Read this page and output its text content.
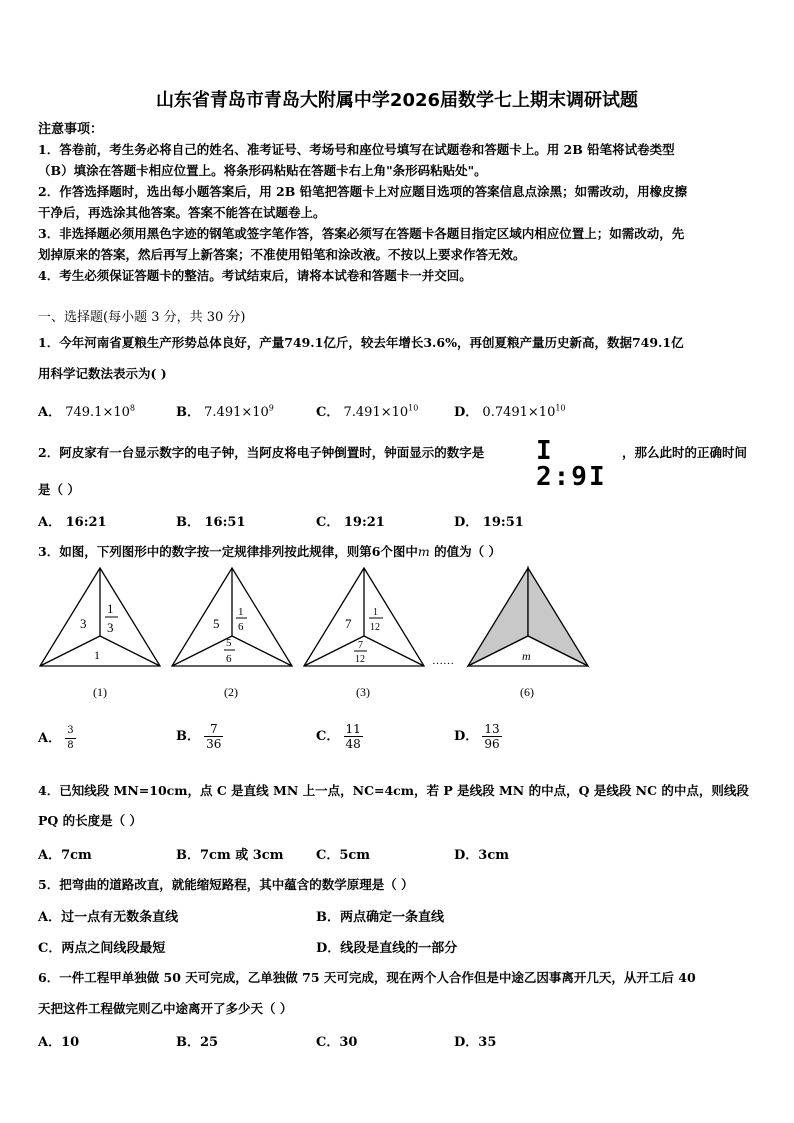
山东省青岛市青岛大附属中学2026届数学七上期末调研试题
注意事项：
1．答卷前，考生务必将自己的姓名、准考证号、考场号和座位号填写在试题卷和答题卡上。用 2B 铅笔将试卷类型
（B）填涂在答题卡相应位置上。将条形码粘贴在答题卡右上角"条形码粘贴处"。
2．作答选择题时，选出每小题答案后，用 2B 铅笔把答题卡上对应题目选项的答案信息点涂黑；如需改动，用橡皮擦
干净后，再选涂其他答案。答案不能答在试题卷上。
3．非选择题必须用黑色字迹的钢笔或签字笔作答，答案必须写在答题卡各题目指定区域内相应位置上；如需改动，先
划掉原来的答案，然后再写上新答案；不准使用铅笔和涂改液。不按以上要求作答无效。
4．考生必须保证答题卡的整洁。考试结束后，请将本试卷和答题卡一并交回。
一、选择题(每小题 3 分，共 30 分)
1．今年河南省夏粮生产形势总体良好，产量749.1亿斤，较去年增长3.6%，再创夏粮产量历史新高，数据749.1亿
用科学记数法表示为( )
A． $749.1\times 10^8$	B． $7.491\times 10^9$	C． $7.491\times 10^{10}$	D． $0.7491\times 10^{10}$
2．阿皮家有一台显示数字的电子钟，当阿皮将电子钟倒置时，钟面显示的数字是 I 2:9I
，那么此时的正确时间
是（ ）
A． 16:21	B． 16:51	C． 19:21	D． 19:51
3．如图，下列图形中的数字按一定规律排列按此规律，则第6个图中m 的值为（ ）
3
1
3
1
5
1
6
5
6
7
1
12
7
12	……	m
(1)	(2)	(3)	(6)
A． $\frac{3}{8}$	B． $\frac{7}{36}$	C． $\frac{11}{48}$	D． $\frac{13}{96}$
4．已知线段 MN=10cm，点 C 是直线 MN 上一点，NC=4cm，若 P 是线段 MN 的中点，Q 是线段 NC 的中点，则线段
PQ 的长度是（ ）
A．7cm	B．7cm 或 3cm	C．5cm	D．3cm
5．把弯曲的道路改直，就能缩短路程，其中蕴含的数学原理是（ ）
A．过一点有无数条直线	B．两点确定一条直线
C．两点之间线段最短	D．线段是直线的一部分
6．一件工程甲单独做 50 天可完成，乙单独做 75 天可完成，现在两个人合作但是中途乙因事离开几天，从开工后 40
天把这件工程做完则乙中途离开了多少天（ ）
A．10	B．25	C．30	D．35
